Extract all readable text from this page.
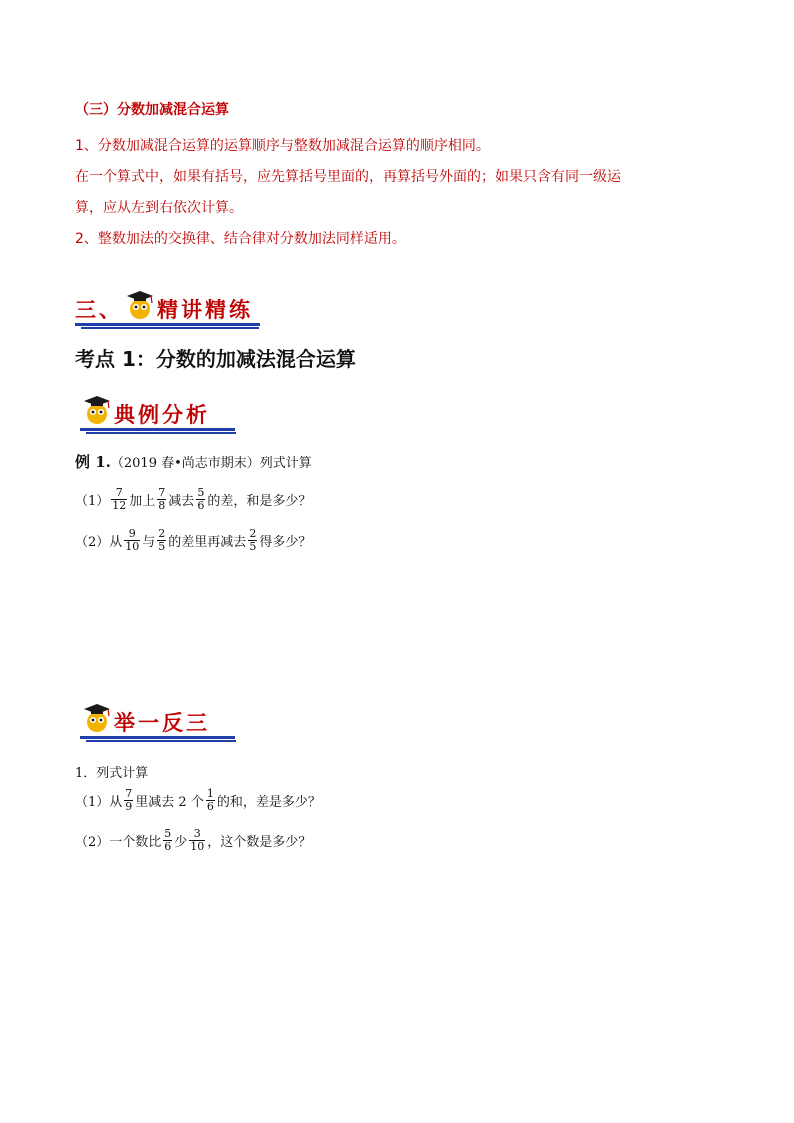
（三）分数加减混合运算
1、分数加减混合运算的运算顺序与整数加减混合运算的顺序相同。
在一个算式中，如果有括号，应先算括号里面的，再算括号外面的；如果只含有同一级运
算，应从左到右依次计算。
2、整数加法的交换律、结合律对分数加法同样适用。
三、 精讲精练
考点 1：分数的加减法混合运算
典例分析
例 1.（2019 春•尚志市期末）列式计算
$(1) \frac{7}{12}$ 加上 $\frac{7}{8}$ 减去 $\frac{5}{6}$ 的差，和是多少？
（2）从 $\frac{9}{10}$ 与 $\frac{2}{5}$ 的差里再减去 $\frac{2}{5}$ 得多少？
举一反三
1．列式计算
（1）从 $\frac{7}{9}$ 里减去 2 个 $\frac{1}{6}$ 的和，差是多少？
（2）一个数比 $\frac{5}{6}$ 少 $\frac{3}{10}$ ，这个数是多少？
